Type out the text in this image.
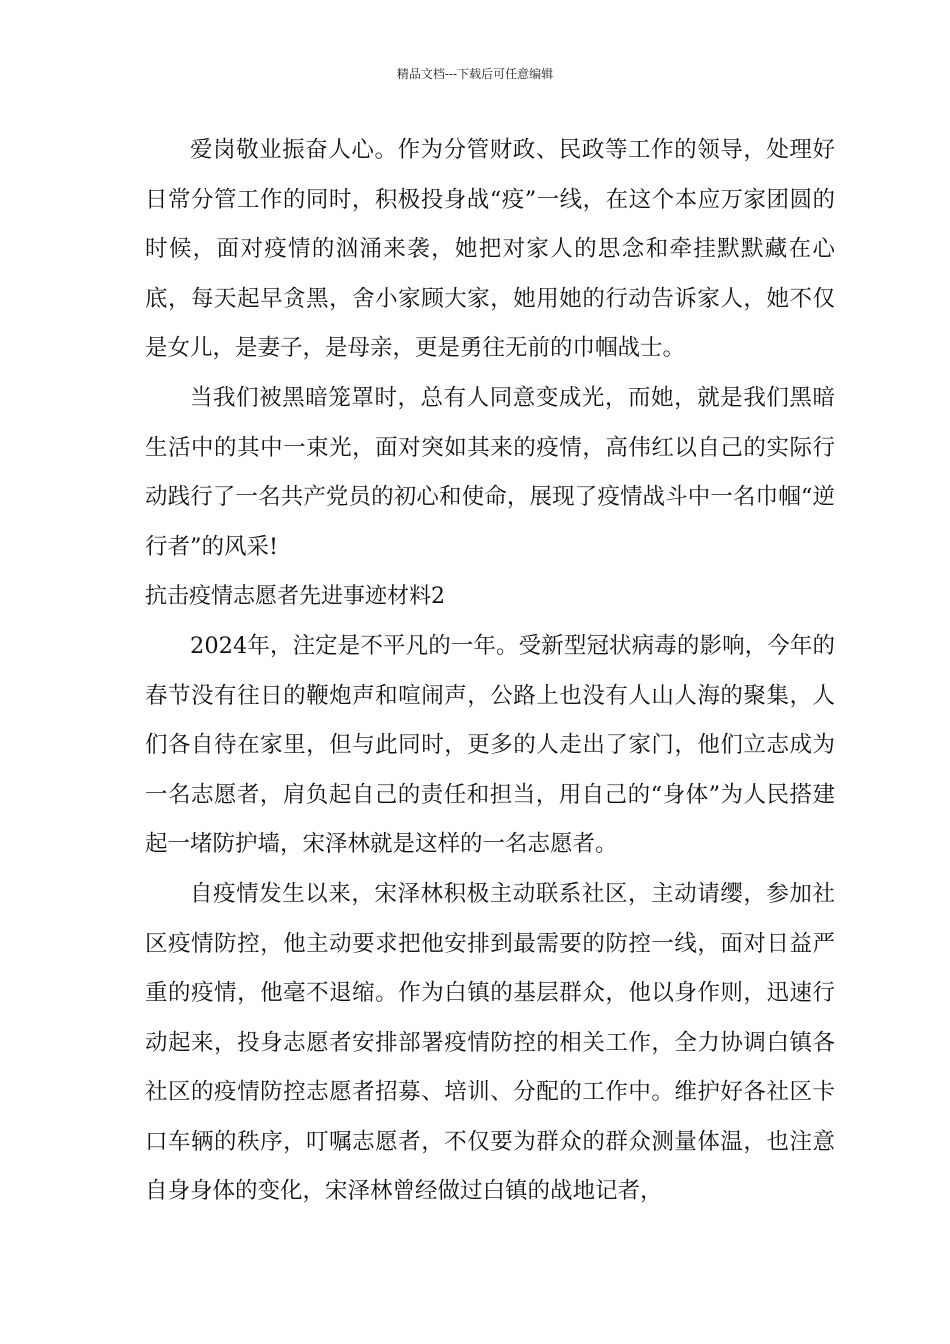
精品文档---下载后可任意编辑

爱岗敬业振奋人心。作为分管财政、民政等工作的领导，处理好日常分管工作的同时，积极投身战“疫”一线，在这个本应万家团圆的时候，面对疫情的汹涌来袭，她把对家人的思念和牵挂默默藏在心底，每天起早贪黑，舍小家顾大家，她用她的行动告诉家人，她不仅是女儿，是妻子，是母亲，更是勇往无前的巾帼战士。

当我们被黑暗笼罩时，总有人同意变成光，而她，就是我们黑暗生活中的其中一束光，面对突如其来的疫情，高伟红以自己的实际行动践行了一名共产党员的初心和使命，展现了疫情战斗中一名巾帼“逆行者”的风采!

抗击疫情志愿者先进事迹材料2

2024年，注定是不平凡的一年。受新型冠状病毒的影响，今年的春节没有往日的鞭炮声和喧闹声，公路上也没有人山人海的聚集，人们各自待在家里，但与此同时，更多的人走出了家门，他们立志成为一名志愿者，肩负起自己的责任和担当，用自己的“身体”为人民搭建起一堵防护墙，宋泽林就是这样的一名志愿者。

自疫情发生以来，宋泽林积极主动联系社区，主动请缨，参加社区疫情防控，他主动要求把他安排到最需要的防控一线，面对日益严重的疫情，他毫不退缩。作为白镇的基层群众，他以身作则，迅速行动起来，投身志愿者安排部署疫情防控的相关工作，全力协调白镇各社区的疫情防控志愿者招募、培训、分配的工作中。维护好各社区卡口车辆的秩序，叮嘱志愿者，不仅要为群众的群众测量体温，也注意自身身体的变化，宋泽林曾经做过白镇的战地记者，
